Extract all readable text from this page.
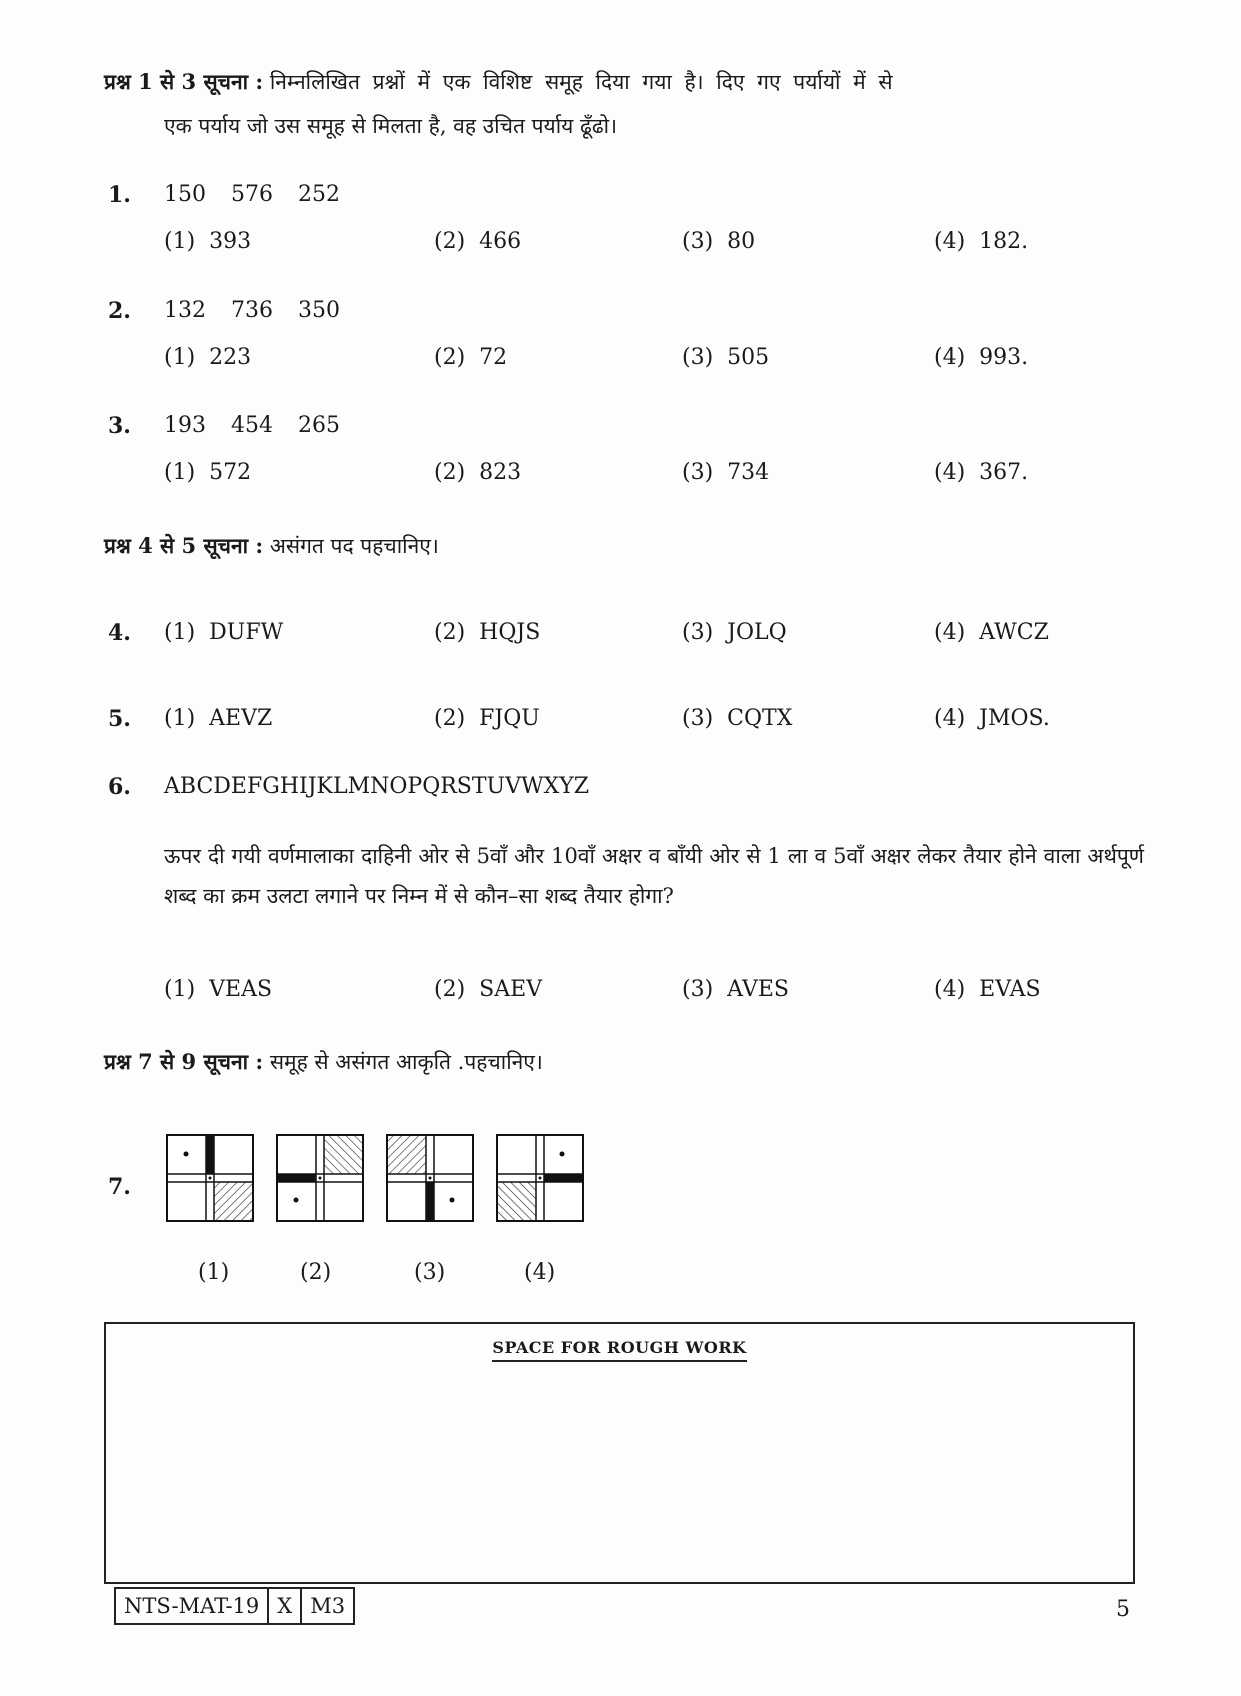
प्रश्न 1 से 3 सूचना : निम्नलिखित प्रश्नों में एक विशिष्ट समूह दिया गया है। दिए गए पर्यायों में से
एक पर्याय जो उस समूह से मिलता है, वह उचित पर्याय ढूँढो।
1. 150 576 252
(1) 393	(2) 466	(3) 80	(4) 182.
2. 132 736 350
(1) 223	(2) 72	(3) 505	(4) 993.
3. 193 454 265
(1) 572	(2) 823	(3) 734	(4) 367.
प्रश्न 4 से 5 सूचना : असंगत पद पहचानिए।
4. (1) DUFW	(2) HQJS	(3) JOLQ	(4) AWCZ
5. (1) AEVZ	(2) FJQU	(3) CQTX	(4) JMOS.
6. ABCDEFGHIJKLMNOPQRSTUVWXYZ
ऊपर दी गयी वर्णमालाका दाहिनी ओर से 5वाँ और 10वाँ अक्षर व बाँयी ओर से 1 ला व 5वाँ अक्षर लेकर तैयार होने वाला अर्थपूर्ण शब्द का क्रम उलटा लगाने पर निम्न में से कौन–सा शब्द तैयार होगा?
(1) VEAS	(2) SAEV	(3) AVES	(4) EVAS
प्रश्न 7 से 9 सूचना : समूह से असंगत आकृति .पहचानिए।
7.
(1)	(2)	(3)	(4)
SPACE FOR ROUGH WORK
NTS-MAT-19 X M3	5
